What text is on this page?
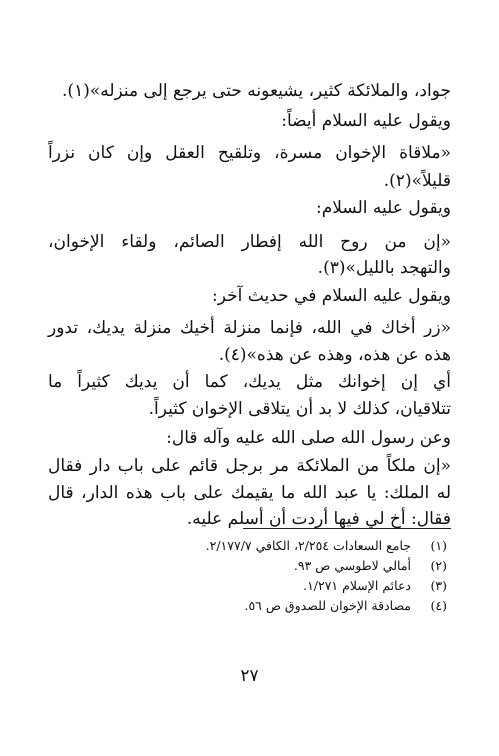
جواد، والملائكة كثير، يشيعونه حتى يرجع إلى منزله»(١).
ويقول عليه السلام أيضاً:
«ملاقاة الإخوان مسرة، وتلقيح العقل وإن كان نزراً
قليلاً»(٢).
ويقول عليه السلام:
«إن من روح الله إفطار الصائم، ولقاء الإخوان،
والتهجد بالليل»(٣).
ويقول عليه السلام في حديث آخر:
«زر أخاك في الله، فإنما منزلة أخيك منزلة يديك، تدور
هذه عن هذه، وهذه عن هذه»(٤).
أي إن إخوانك مثل يديك، كما أن يديك كثيراً ما
تتلاقيان، كذلك لا بد أن يتلاقى الإخوان كثيراً.
وعن رسول الله صلى الله عليه وآله قال:
«إن ملكاً من الملائكة مر برجل قائم على باب دار فقال
له الملك: يا عبد الله ما يقيمك على باب هذه الدار، قال
فقال: أخ لي فيها أردت أن أسلم عليه.
(١)
جامع السعادات ٢/٢٥٤، الكافي ٢/١٧٧/٧.
(٢)
أمالي لاطوسي ص ٩٣.
(٣)
دعائم الإسلام ١/٢٧١.
(٤)
مصادقة الإخوان للصدوق ص ٥٦.
٢٧
